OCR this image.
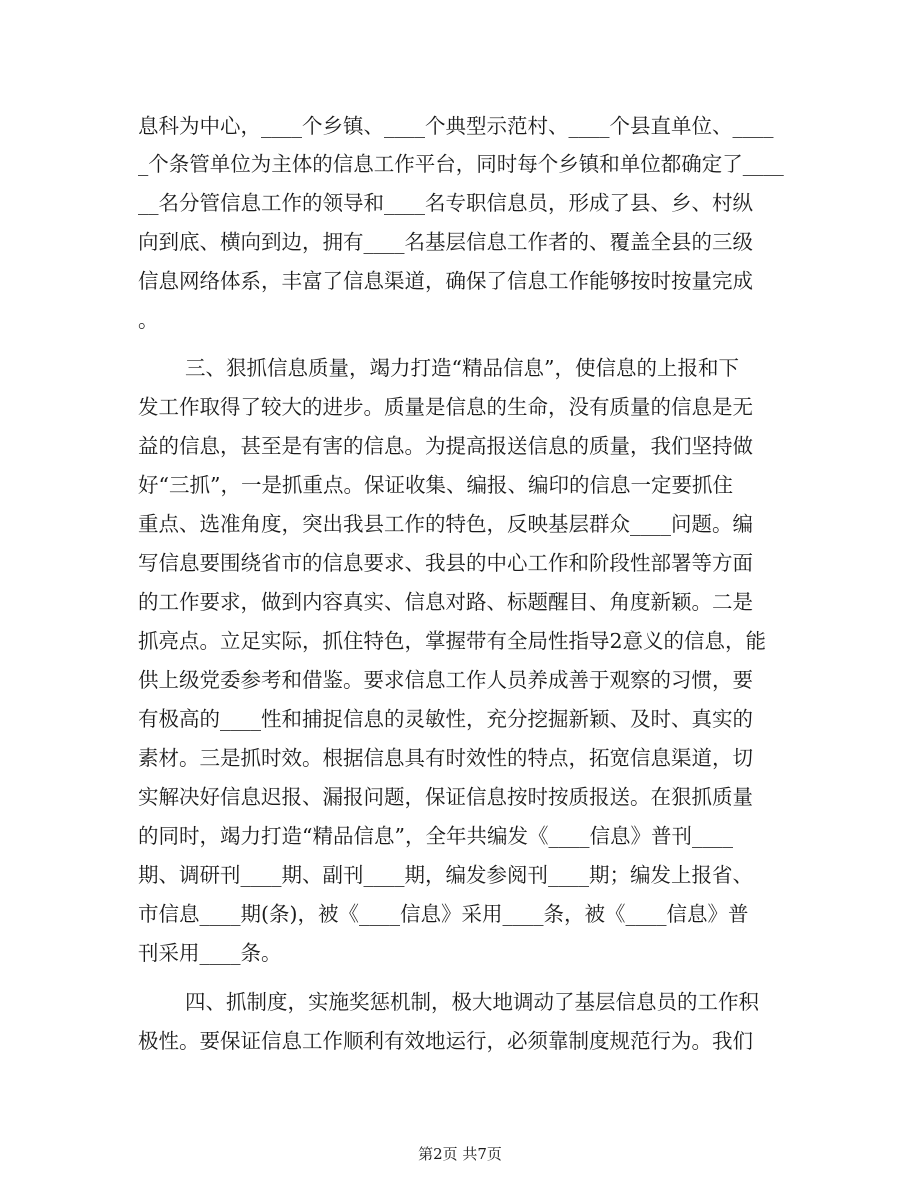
息科为中心，____个乡镇、____个典型示范村、____个县直单位、____
_个条管单位为主体的信息工作平台，同时每个乡镇和单位都确定了____
__名分管信息工作的领导和____名专职信息员，形成了县、乡、村纵
向到底、横向到边，拥有____名基层信息工作者的、覆盖全县的三级
信息网络体系，丰富了信息渠道，确保了信息工作能够按时按量完成
。
三、狠抓信息质量，竭力打造“精品信息”，使信息的上报和下
发工作取得了较大的进步。质量是信息的生命，没有质量的信息是无
益的信息，甚至是有害的信息。为提高报送信息的质量，我们坚持做
好“三抓”，一是抓重点。保证收集、编报、编印的信息一定要抓住
重点、选准角度，突出我县工作的特色，反映基层群众____问题。编
写信息要围绕省市的信息要求、我县的中心工作和阶段性部署等方面
的工作要求，做到内容真实、信息对路、标题醒目、角度新颖。二是
抓亮点。立足实际，抓住特色，掌握带有全局性指导2意义的信息，能
供上级党委参考和借鉴。要求信息工作人员养成善于观察的习惯，要
有极高的____性和捕捉信息的灵敏性，充分挖掘新颖、及时、真实的
素材。三是抓时效。根据信息具有时效性的特点，拓宽信息渠道，切
实解决好信息迟报、漏报问题，保证信息按时按质报送。在狠抓质量
的同时，竭力打造“精品信息”，全年共编发《____信息》普刊____
期、调研刊____期、副刊____期，编发参阅刊____期；编发上报省、
市信息____期(条)，被《____信息》采用____条，被《____信息》普
刊采用____条。
四、抓制度，实施奖惩机制，极大地调动了基层信息员的工作积
极性。要保证信息工作顺利有效地运行，必须靠制度规范行为。我们
第2页 共7页
